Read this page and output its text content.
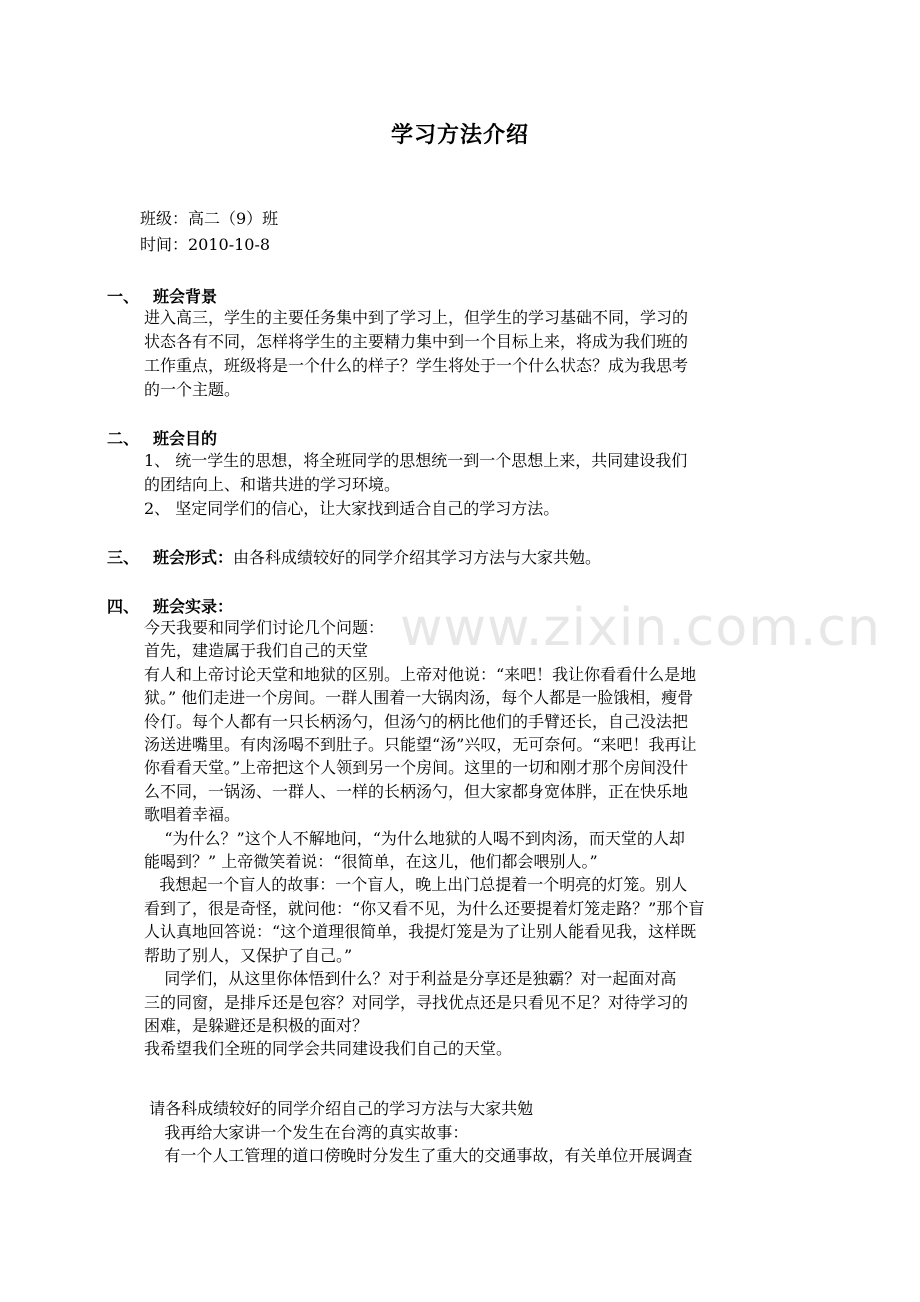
www.zixin.com.cn
学习方法介绍
班级：高二（9）班
时间：2010-10-8
一、 班会背景
进入高三，学生的主要任务集中到了学习上，但学生的学习基础不同，学习的
状态各有不同，怎样将学生的主要精力集中到一个目标上来，将成为我们班的
工作重点，班级将是一个什么的样子？学生将处于一个什么状态？成为我思考
的一个主题。
二、 班会目的
1、 统一学生的思想，将全班同学的思想统一到一个思想上来，共同建设我们
的团结向上、和谐共进的学习环境。
2、 坚定同学们的信心，让大家找到适合自己的学习方法。
三、 班会形式：由各科成绩较好的同学介绍其学习方法与大家共勉。
四、 班会实录：
今天我要和同学们讨论几个问题：
首先，建造属于我们自己的天堂
有人和上帝讨论天堂和地狱的区别。上帝对他说：“来吧！我让你看看什么是地
狱。” 他们走进一个房间。一群人围着一大锅肉汤，每个人都是一脸饿相，瘦骨
伶仃。每个人都有一只长柄汤勺，但汤勺的柄比他们的手臂还长，自己没法把
汤送进嘴里。有肉汤喝不到肚子。只能望“汤”兴叹，无可奈何。“来吧！我再让
你看看天堂。”上帝把这个人领到另一个房间。这里的一切和刚才那个房间没什
么不同，一锅汤、一群人、一样的长柄汤勺，但大家都身宽体胖，正在快乐地
歌唱着幸福。
“为什么？”这个人不解地问，“为什么地狱的人喝不到肉汤，而天堂的人却
能喝到？” 上帝微笑着说：“很简单，在这儿，他们都会喂别人。”
我想起一个盲人的故事：一个盲人，晚上出门总提着一个明亮的灯笼。别人
看到了，很是奇怪，就问他：“你又看不见，为什么还要提着灯笼走路？”那个盲
人认真地回答说：“这个道理很简单，我提灯笼是为了让别人能看见我，这样既
帮助了别人，又保护了自己。”
同学们，从这里你体悟到什么？对于利益是分享还是独霸？对一起面对高
三的同窗，是排斥还是包容？对同学，寻找优点还是只看见不足？对待学习的
困难，是躲避还是积极的面对？
我希望我们全班的同学会共同建设我们自己的天堂。
请各科成绩较好的同学介绍自己的学习方法与大家共勉
我再给大家讲一个发生在台湾的真实故事：
有一个人工管理的道口傍晚时分发生了重大的交通事故，有关单位开展调查
